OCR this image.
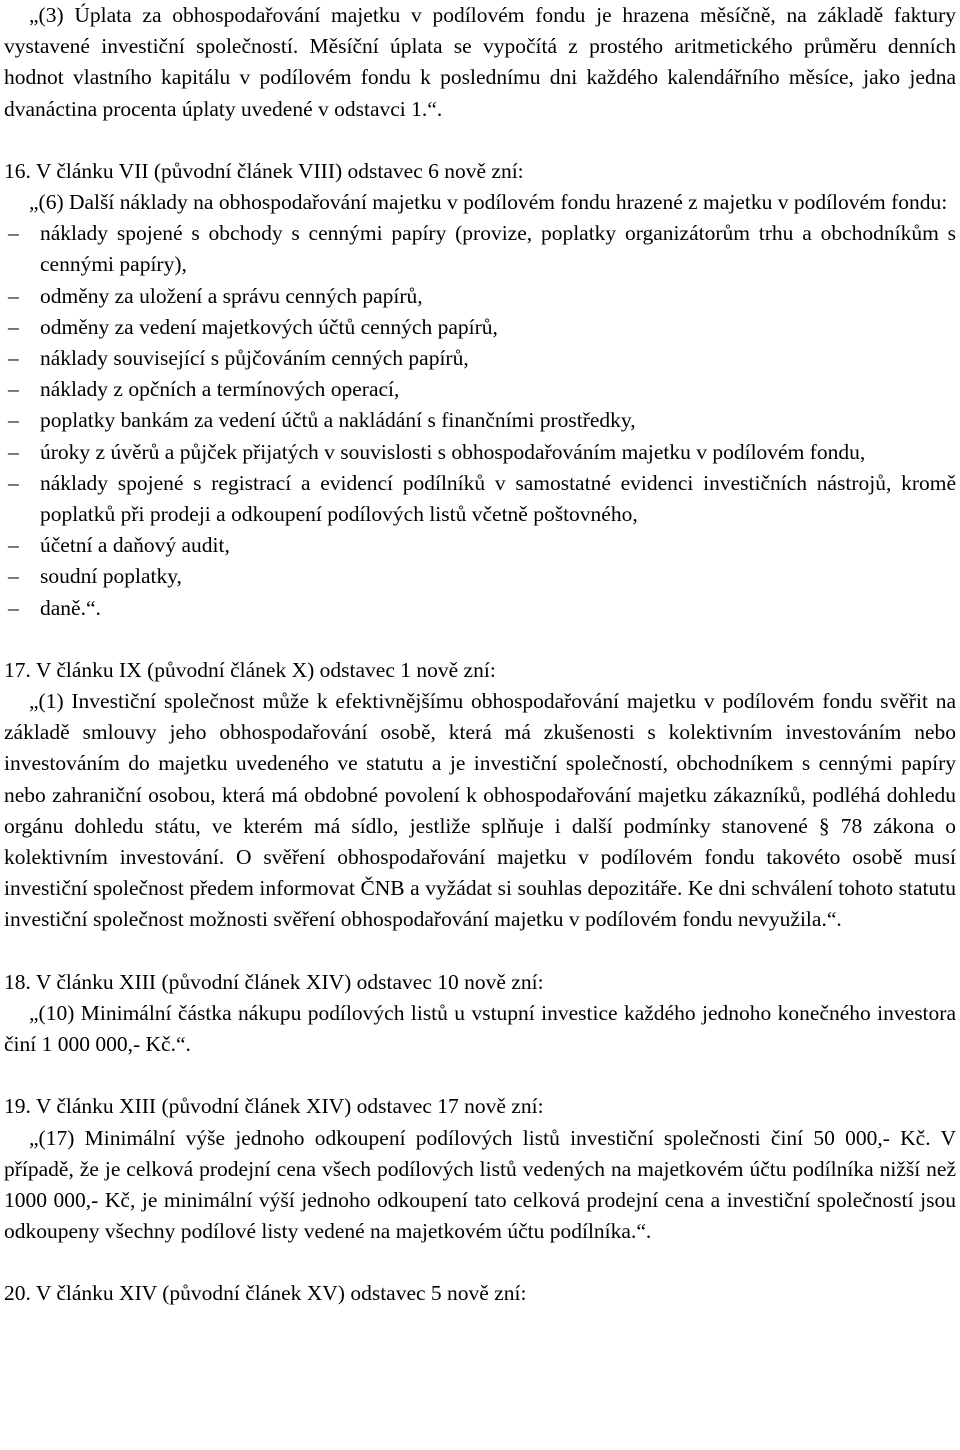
„(3) Úplata za obhospodařování majetku v podílovém fondu je hrazena měsíčně, na základě faktury vystavené investiční společností. Měsíční úplata se vypočítá z prostého aritmetického průměru denních hodnot vlastního kapitálu v podílovém fondu k poslednímu dni každého kalendářního měsíce, jako jedna dvanáctina procenta úplaty uvedené v odstavci 1.“.

16. V článku VII (původní článek VIII) odstavec 6 nově zní:

„(6) Další náklady na obhospodařování majetku v podílovém fondu hrazené z majetku v podílovém fondu:

– náklady spojené s obchody s cennými papíry (provize, poplatky organizátorům trhu a obchodníkům s cennými papíry),
– odměny za uložení a správu cenných papírů,
– odměny za vedení majetkových účtů cenných papírů,
– náklady související s půjčováním cenných papírů,
– náklady z opčních a termínových operací,
– poplatky bankám za vedení účtů a nakládání s finančními prostředky,
– úroky z úvěrů a půjček přijatých v souvislosti s obhospodařováním majetku v podílovém fondu,
– náklady spojené s registrací a evidencí podílníků v samostatné evidenci investičních nástrojů, kromě poplatků při prodeji a odkoupení podílových listů včetně poštovného,
– účetní a daňový audit,
– soudní poplatky,
– daně.“.

17. V článku IX (původní článek X) odstavec 1 nově zní:

„(1) Investiční společnost může k efektivnějšímu obhospodařování majetku v podílovém fondu svěřit na základě smlouvy jeho obhospodařování osobě, která má zkušenosti s kolektivním investováním nebo investováním do majetku uvedeného ve statutu a je investiční společností, obchodníkem s cennými papíry nebo zahraniční osobou, která má obdobné povolení k obhospodařování majetku zákazníků, podléhá dohledu orgánu dohledu státu, ve kterém má sídlo, jestliže splňuje i další podmínky stanovené § 78 zákona o kolektivním investování. O svěření obhospodařování majetku v podílovém fondu takovéto osobě musí investiční společnost předem informovat ČNB a vyžádat si souhlas depozitáře. Ke dni schválení tohoto statutu investiční společnost možnosti svěření obhospodařování majetku v podílovém fondu nevyužila.“.

18. V článku XIII (původní článek XIV) odstavec 10 nově zní:

„(10) Minimální částka nákupu podílových listů u vstupní investice každého jednoho konečného investora činí 1 000 000,- Kč.“.

19. V článku XIII (původní článek XIV) odstavec 17 nově zní:

„(17) Minimální výše jednoho odkoupení podílových listů investiční společnosti činí 50 000,- Kč. V případě, že je celková prodejní cena všech podílových listů vedených na majetkovém účtu podílníka nižší než 1000 000,- Kč, je minimální výší jednoho odkoupení tato celková prodejní cena a investiční společností jsou odkoupeny všechny podílové listy vedené na majetkovém účtu podílníka.“.

20. V článku XIV (původní článek XV) odstavec 5 nově zní:
